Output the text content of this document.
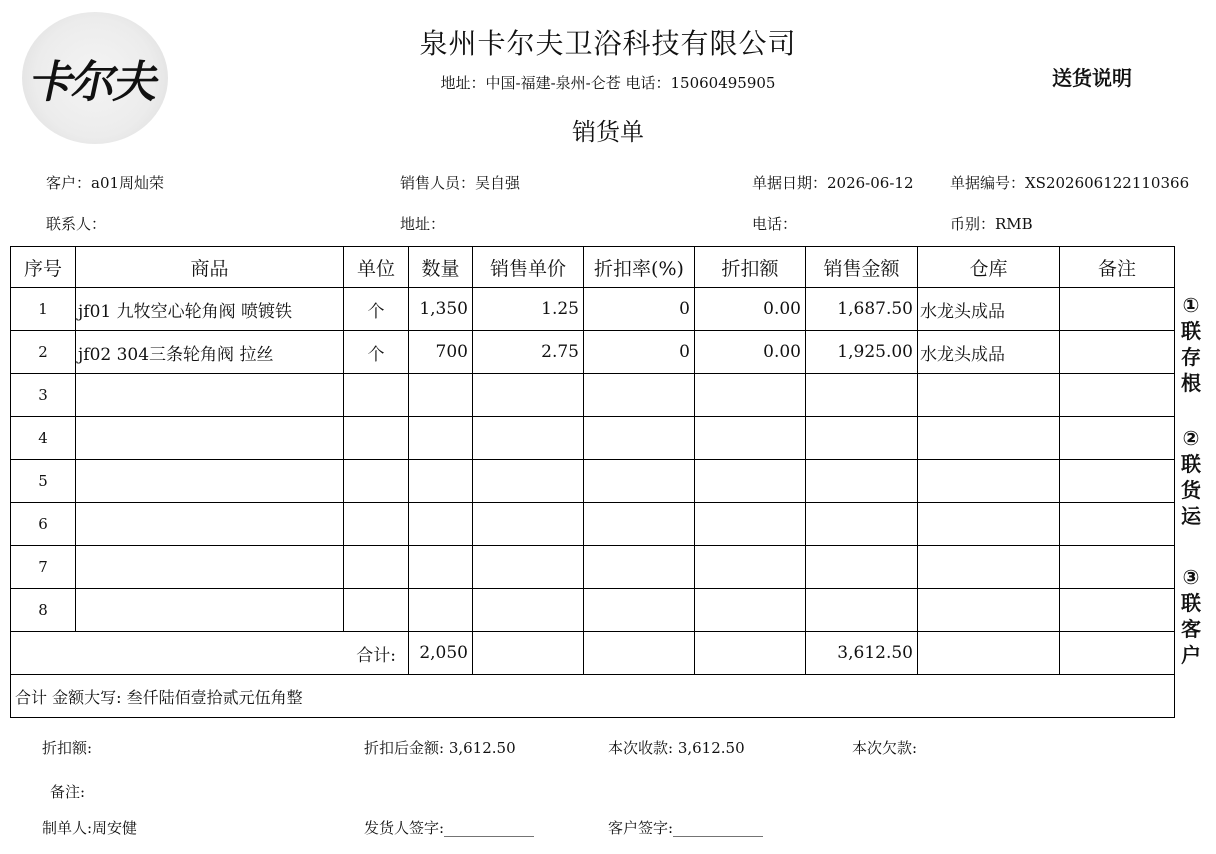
卡尔夫
泉州卡尔夫卫浴科技有限公司
地址：中国-福建-泉州-仑苍 电话：15060495905
销货单
送货说明
客户：a01周灿荣	销售人员：吴自强	单据日期：2026-06-12 单据编号：XS202606122110366
联系人：	地址：	电话：	币别：RMB
序号	商品	单位	数量	销售单价	折扣率(%)	折扣额	销售金额	仓库	备注
1	jf01 九牧空心轮角阀 喷镀铁	个	1,350	1.25	0	0.00	1,687.50	水龙头成品	
2	jf02 304三条轮角阀 拉丝	个	700	2.75	0	0.00	1,925.00	水龙头成品	
3									
4									
5									
6									
7									
8									
合计:			2,050				3,612.50		
合计 金额大写: 叁仟陆佰壹拾贰元伍角整									
①联存根
②联货运
③联客户
折扣额:	折扣后金额: 3,612.50	本次收款: 3,612.50	本次欠款:
备注:
制单人:周安健	发货人签字:____________	客户签字:____________
